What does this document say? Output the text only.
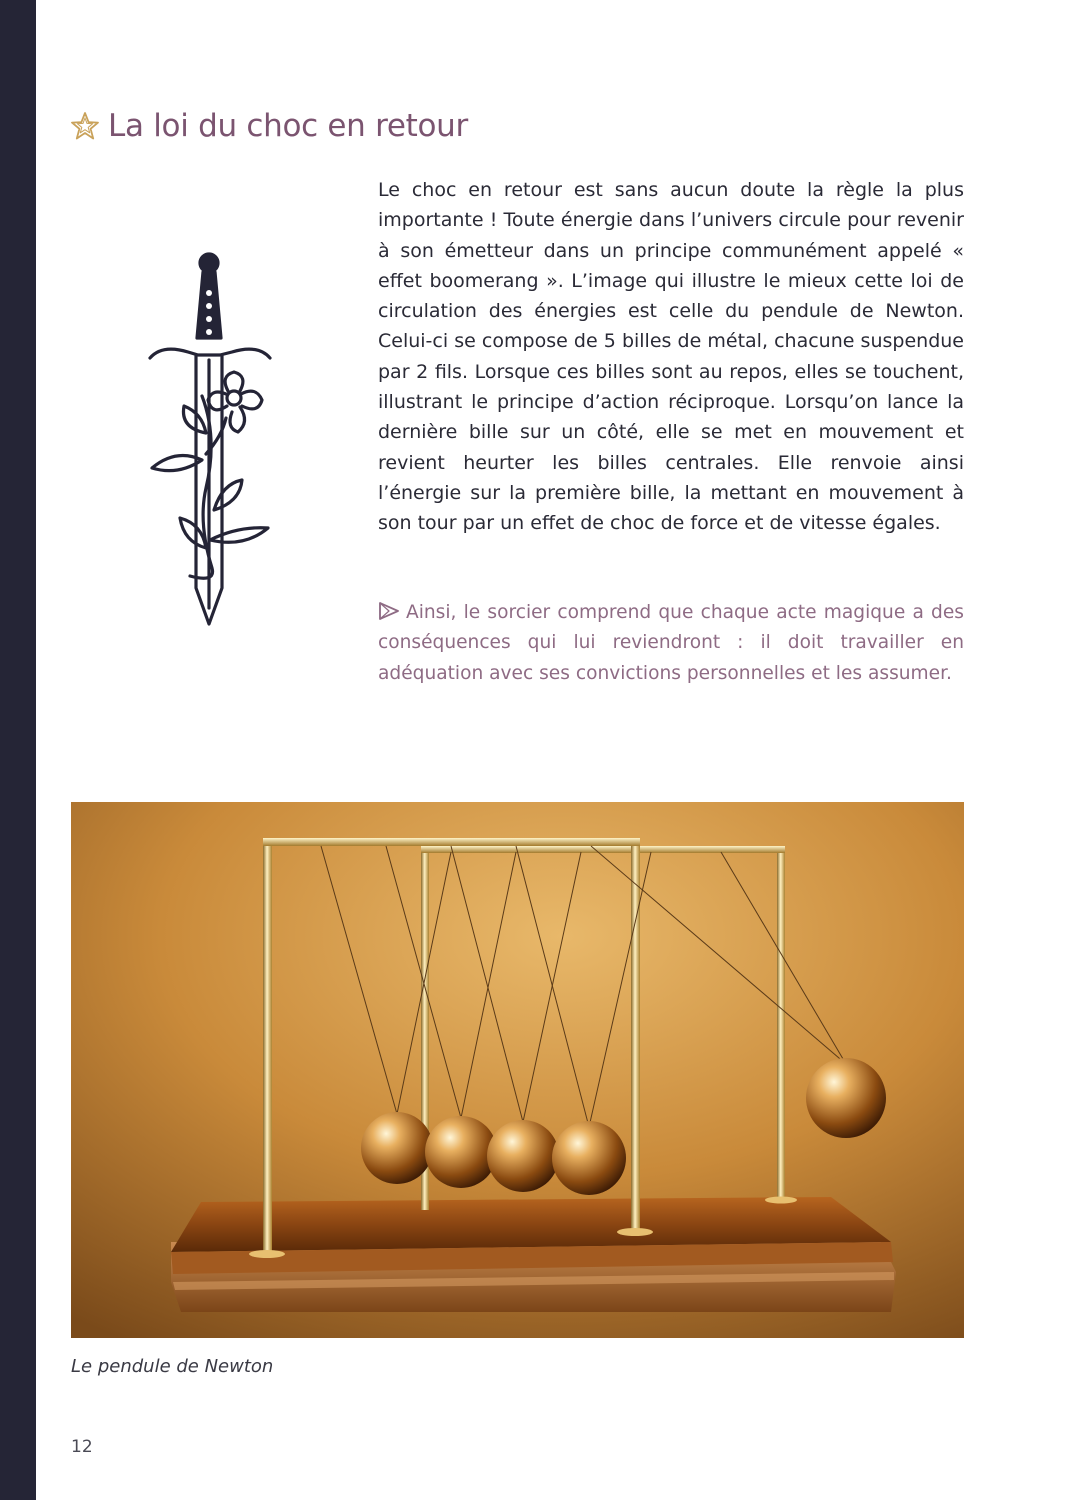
La loi du choc en retour

Le choc en retour est sans aucun doute la règle la plus importante ! Toute énergie dans l’univers circule pour revenir à son émetteur dans un principe communément appelé « effet boomerang ». L’image qui illustre le mieux cette loi de circulation des énergies est celle du pendule de Newton. Celui-ci se compose de 5 billes de métal, chacune suspendue par 2 fils. Lorsque ces billes sont au repos, elles se touchent, illustrant le principe d’action réciproque. Lorsqu’on lance la dernière bille sur un côté, elle se met en mouvement et revient heurter les billes centrales. Elle renvoie ainsi l’énergie sur la première bille, la mettant en mouvement à son tour par un effet de choc de force et de vitesse égales.

Ainsi, le sorcier comprend que chaque acte magique a des conséquences qui lui reviendront : il doit travailler en adéquation avec ses convictions personnelles et les assumer.

Le pendule de Newton

12
